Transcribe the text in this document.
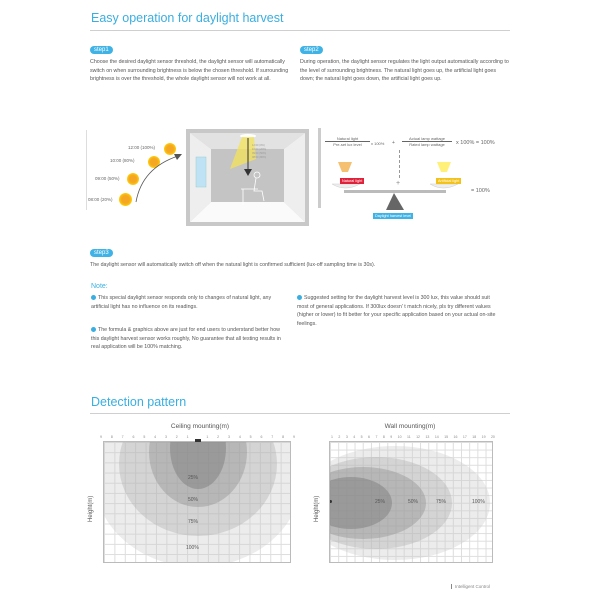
Easy operation for daylight harvest
step1
Choose the desired daylight sensor threshold, the daylight sensor will automatically switch on when surrounding brightness is below the chosen threshold. If surrounding brightness is over the threshold, the whole daylight sensor will not work at all.
step2
During operation, the daylight sensor regulates the light output automatically according to the level of surrounding brightness. The natural light goes up, the artificial light goes down; the natural light goes down, the artificial light goes up.
12:00 (100%)
10:00 (80%)
09:00 (50%)
08:00 (20%)
12:00 (0%)
10:00 (20%)
09:00 (50%)
08:00 (80%)
Natural light
Pre-set lux level	x 100% +
Actual lamp wattage
Rated lamp wattage	x 100% = 100%
Natural light	Artificial light
+
= 100%
Daylight harvest level
step3
The daylight sensor will automatically switch off when the natural light is confirmed sufficient (lux-off sampling time is 30s).
Note:
This special daylight sensor responds only to changes of natural light, any artificial light has no influence on its readings.
The formula & graphics above are just for end users to understand better how this daylight harvest sensor works roughly, No guarantee that all testing results in real application will be 100% matching.
Suggested setting for the daylight harvest level is 300 lux, this value should suit most of general applications. If 300lux doesn' t match nicely, pls try different values (higher or lower) to fit better for your specific application based on your actual on-site feelings.
Detection pattern
Ceiling mounting(m)
9	8	7	6	5	4	3	2	1	1	2	3	4	5	6	7	8	9
25%
50%
75%
100%
Height(m)
Wall mounting(m)
1 2 3 4 5 6 7 8 9 10 11 12 13 14 15 16 17 18 19 20
25%	50%	75%	100%
Height(m)
Intelligent Control
